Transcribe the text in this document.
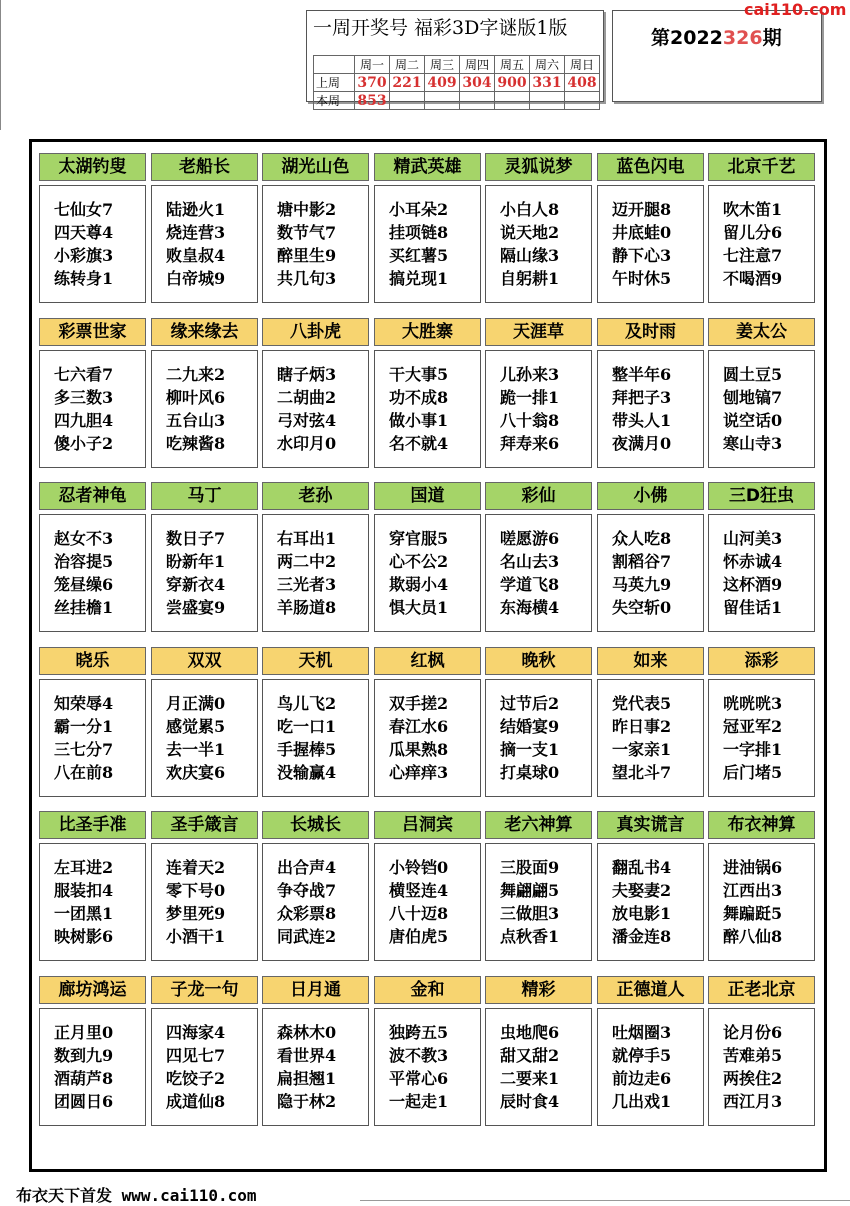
一周开奖号 福彩3D字谜版1版
	周一	周二	周三	周四	周五	周六	周日
上周	370	221	409	304	900	331	408
本周	853						
第2022326期
cai110.com
太湖钓叟
七仙女7
四天尊4
小彩旗3
练转身1
老船长
陆逊火1
烧连营3
败皇叔4
白帝城9
湖光山色
塘中影2
数节气7
醉里生9
共几句3
精武英雄
小耳朵2
挂项链8
买红薯5
搞兑现1
灵狐说梦
小白人8
说天地2
隔山缘3
自躬耕1
蓝色闪电
迈开腿8
井底蛙0
静下心3
午时休5
北京千艺
吹木笛1
留儿分6
七注意7
不喝酒9
彩票世家
七六看7
多三数3
四九胆4
傻小子2
缘来缘去
二九来2
柳叶风6
五台山3
吃辣酱8
八卦虎
瞎子炳3
二胡曲2
弓对弦4
水印月0
大胜寨
干大事5
功不成8
做小事1
名不就4
天涯草
儿孙来3
跪一排1
八十翁8
拜寿来6
及时雨
整半年6
拜把子3
带头人1
夜满月0
姜太公
圆土豆5
刨地镐7
说空话0
寒山寺3
忍者神龟
赵女不3
治容提5
笼昼缲6
丝挂檐1
马丁
数日子7
盼新年1
穿新衣4
尝盛宴9
老孙
右耳出1
两二中2
三光者3
羊肠道8
国道
穿官服5
心不公2
欺弱小4
惧大员1
彩仙
嗟愿游6
名山去3
学道飞8
东海横4
小佛
众人吃8
割稻谷7
马英九9
失空斩0
三D狂虫
山河美3
怀赤诚4
这杯酒9
留佳话1
晓乐
知荣辱4
霸一分1
三七分7
八在前8
双双
月正满0
感觉累5
去一半1
欢庆宴6
天机
鸟儿飞2
吃一口1
手握棒5
没输赢4
红枫
双手搓2
春江水6
瓜果熟8
心痒痒3
晚秋
过节后2
结婚宴9
摘一支1
打桌球0
如来
党代表5
昨日事2
一家亲1
望北斗7
添彩
咣咣咣3
冠亚军2
一字排1
后门堵5
比圣手准
左耳进2
服装扣4
一团黑1
映树影6
圣手箴言
连着天2
零下号0
梦里死9
小酒干1
长城长
出合声4
争夺战7
众彩票8
同武连2
吕洞宾
小铃铛0
横竖连4
八十迈8
唐伯虎5
老六神算
三股面9
舞翩翩5
三做胆3
点秋香1
真实谎言
翻乱书4
夫娶妻2
放电影1
潘金连8
布衣神算
进油锅6
江西出3
舞蹁跹5
醉八仙8
廊坊鸿运
正月里0
数到九9
酒葫芦8
团圆日6
子龙一句
四海家4
四见七7
吃饺子2
成道仙8
日月通
森林木0
看世界4
扁担翘1
隐于林2
金和
独跨五5
波不教3
平常心6
一起走1
精彩
虫地爬6
甜又甜2
二要来1
辰时食4
正德道人
吐烟圈3
就停手5
前边走6
几出戏1
正老北京
论月份6
苦难弟5
两挨住2
西江月3
布衣天下首发 www.cai110.com
